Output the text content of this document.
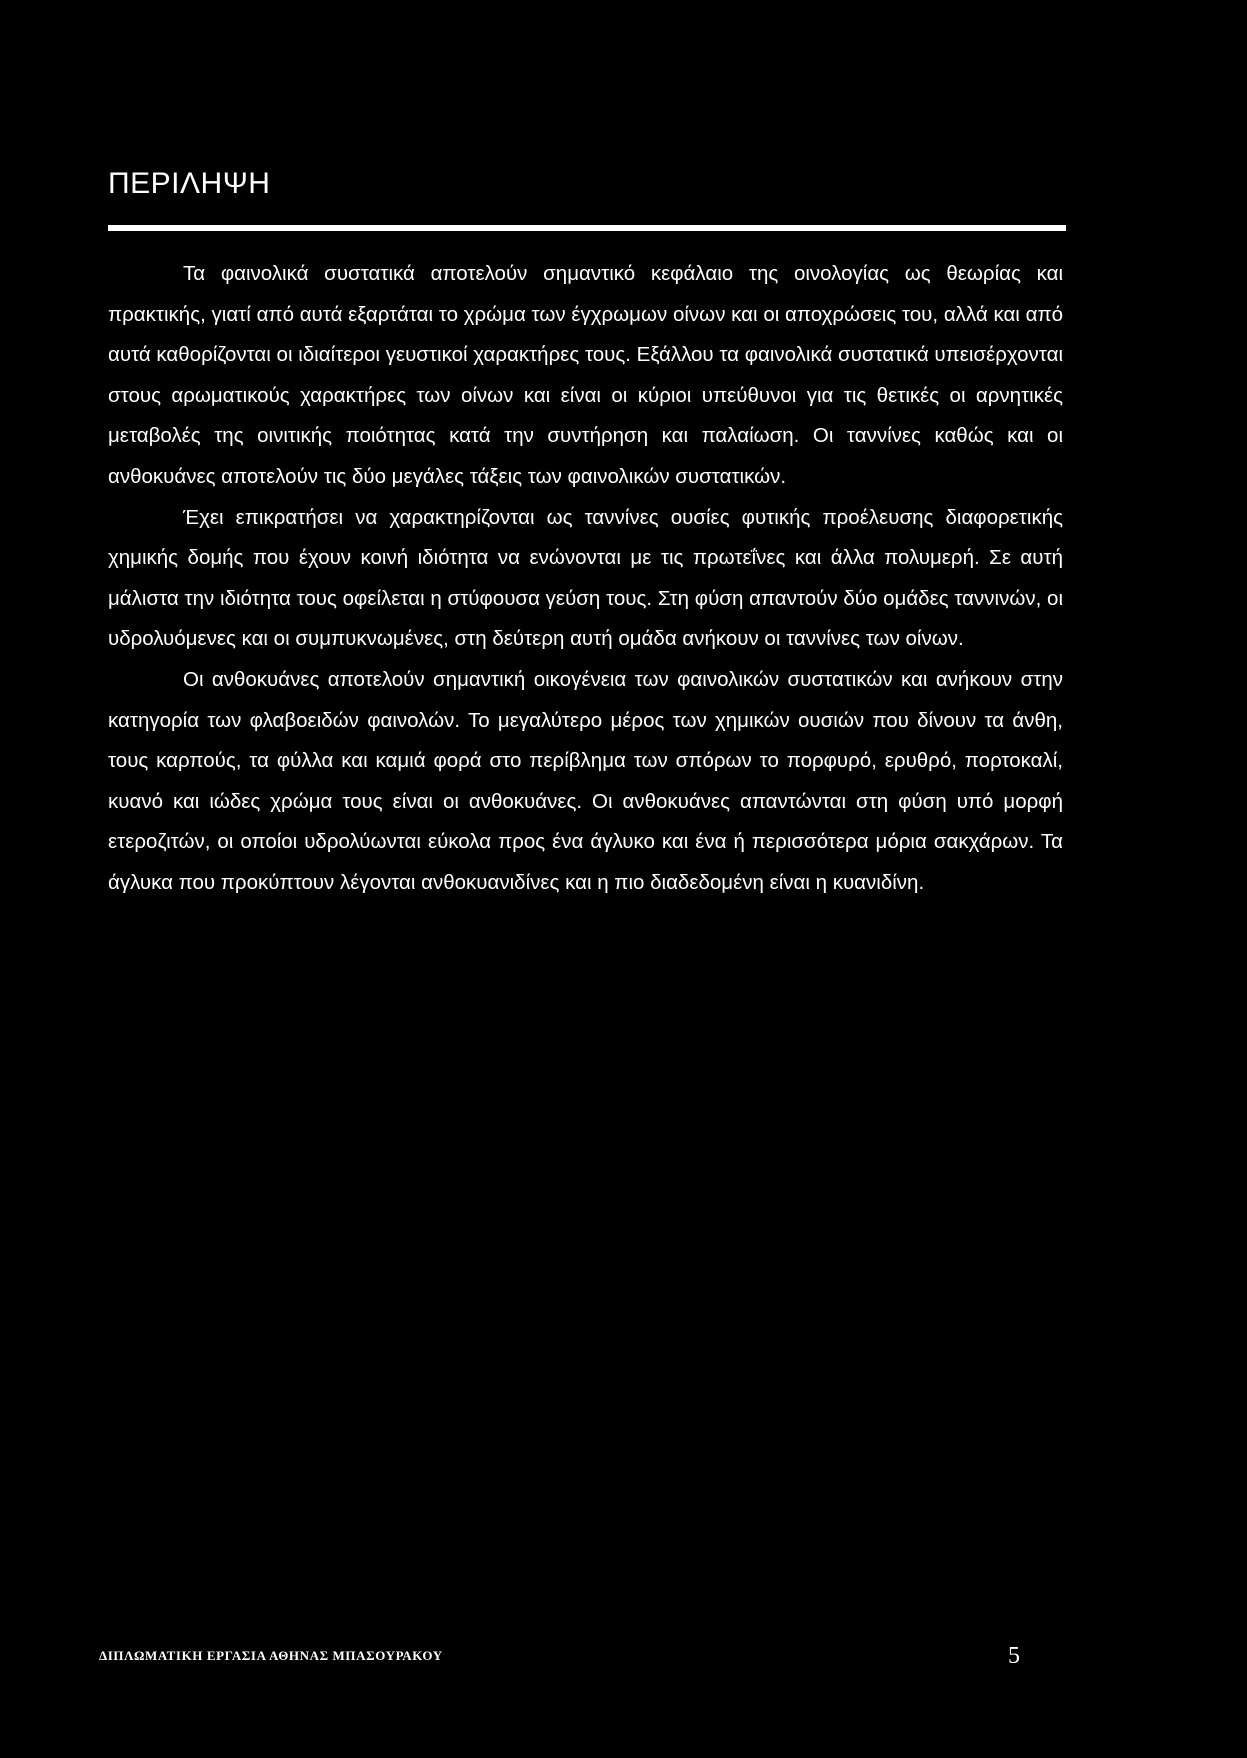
ΠΕΡΙΛΗΨΗ

Τα φαινολικά συστατικά αποτελούν σημαντικό κεφάλαιο της οινολογίας ως θεωρίας και πρακτικής, γιατί από αυτά εξαρτάται το χρώμα των έγχρωμων οίνων και οι αποχρώσεις του, αλλά και από αυτά καθορίζονται οι ιδιαίτεροι γευστικοί χαρακτήρες τους. Εξάλλου τα φαινολικά συστατικά υπεισέρχονται στους αρωματικούς χαρακτήρες των οίνων και είναι οι κύριοι υπεύθυνοι για τις θετικές οι αρνητικές μεταβολές της οινιτικής ποιότητας κατά την συντήρηση και παλαίωση. Οι ταννίνες καθώς και οι ανθοκυάνες αποτελούν τις δύο μεγάλες τάξεις των φαινολικών συστατικών.

Έχει επικρατήσει να χαρακτηρίζονται ως ταννίνες ουσίες φυτικής προέλευσης διαφορετικής χημικής δομής που έχουν κοινή ιδιότητα να ενώνονται με τις πρωτεΐνες και άλλα πολυμερή. Σε αυτή μάλιστα την ιδιότητα τους οφείλεται η στύφουσα γεύση τους. Στη φύση απαντούν δύο ομάδες ταννινών, οι υδρολυόμενες και οι συμπυκνωμένες, στη δεύτερη αυτή ομάδα ανήκουν οι ταννίνες των οίνων.

Οι ανθοκυάνες αποτελούν σημαντική οικογένεια των φαινολικών συστατικών και ανήκουν στην κατηγορία των φλαβοειδών φαινολών. Το μεγαλύτερο μέρος των χημικών ουσιών που δίνουν τα άνθη, τους καρπούς, τα φύλλα και καμιά φορά στο περίβλημα των σπόρων το πορφυρό, ερυθρό, πορτοκαλί, κυανό και ιώδες χρώμα τους είναι οι ανθοκυάνες. Οι ανθοκυάνες απαντώνται στη φύση υπό μορφή ετεροζιτών, οι οποίοι υδρολύωνται εύκολα προς ένα άγλυκο και ένα ή περισσότερα μόρια σακχάρων. Τα άγλυκα που προκύπτουν λέγονται ανθοκυανιδίνες και η πιο διαδεδομένη είναι η κυανιδίνη.

ΔΙΠΛΩΜΑΤΙΚΗ ΕΡΓΑΣΙΑ ΑΘΗΝΑΣ ΜΠΑΣΟΥΡΑΚΟΥ	5
